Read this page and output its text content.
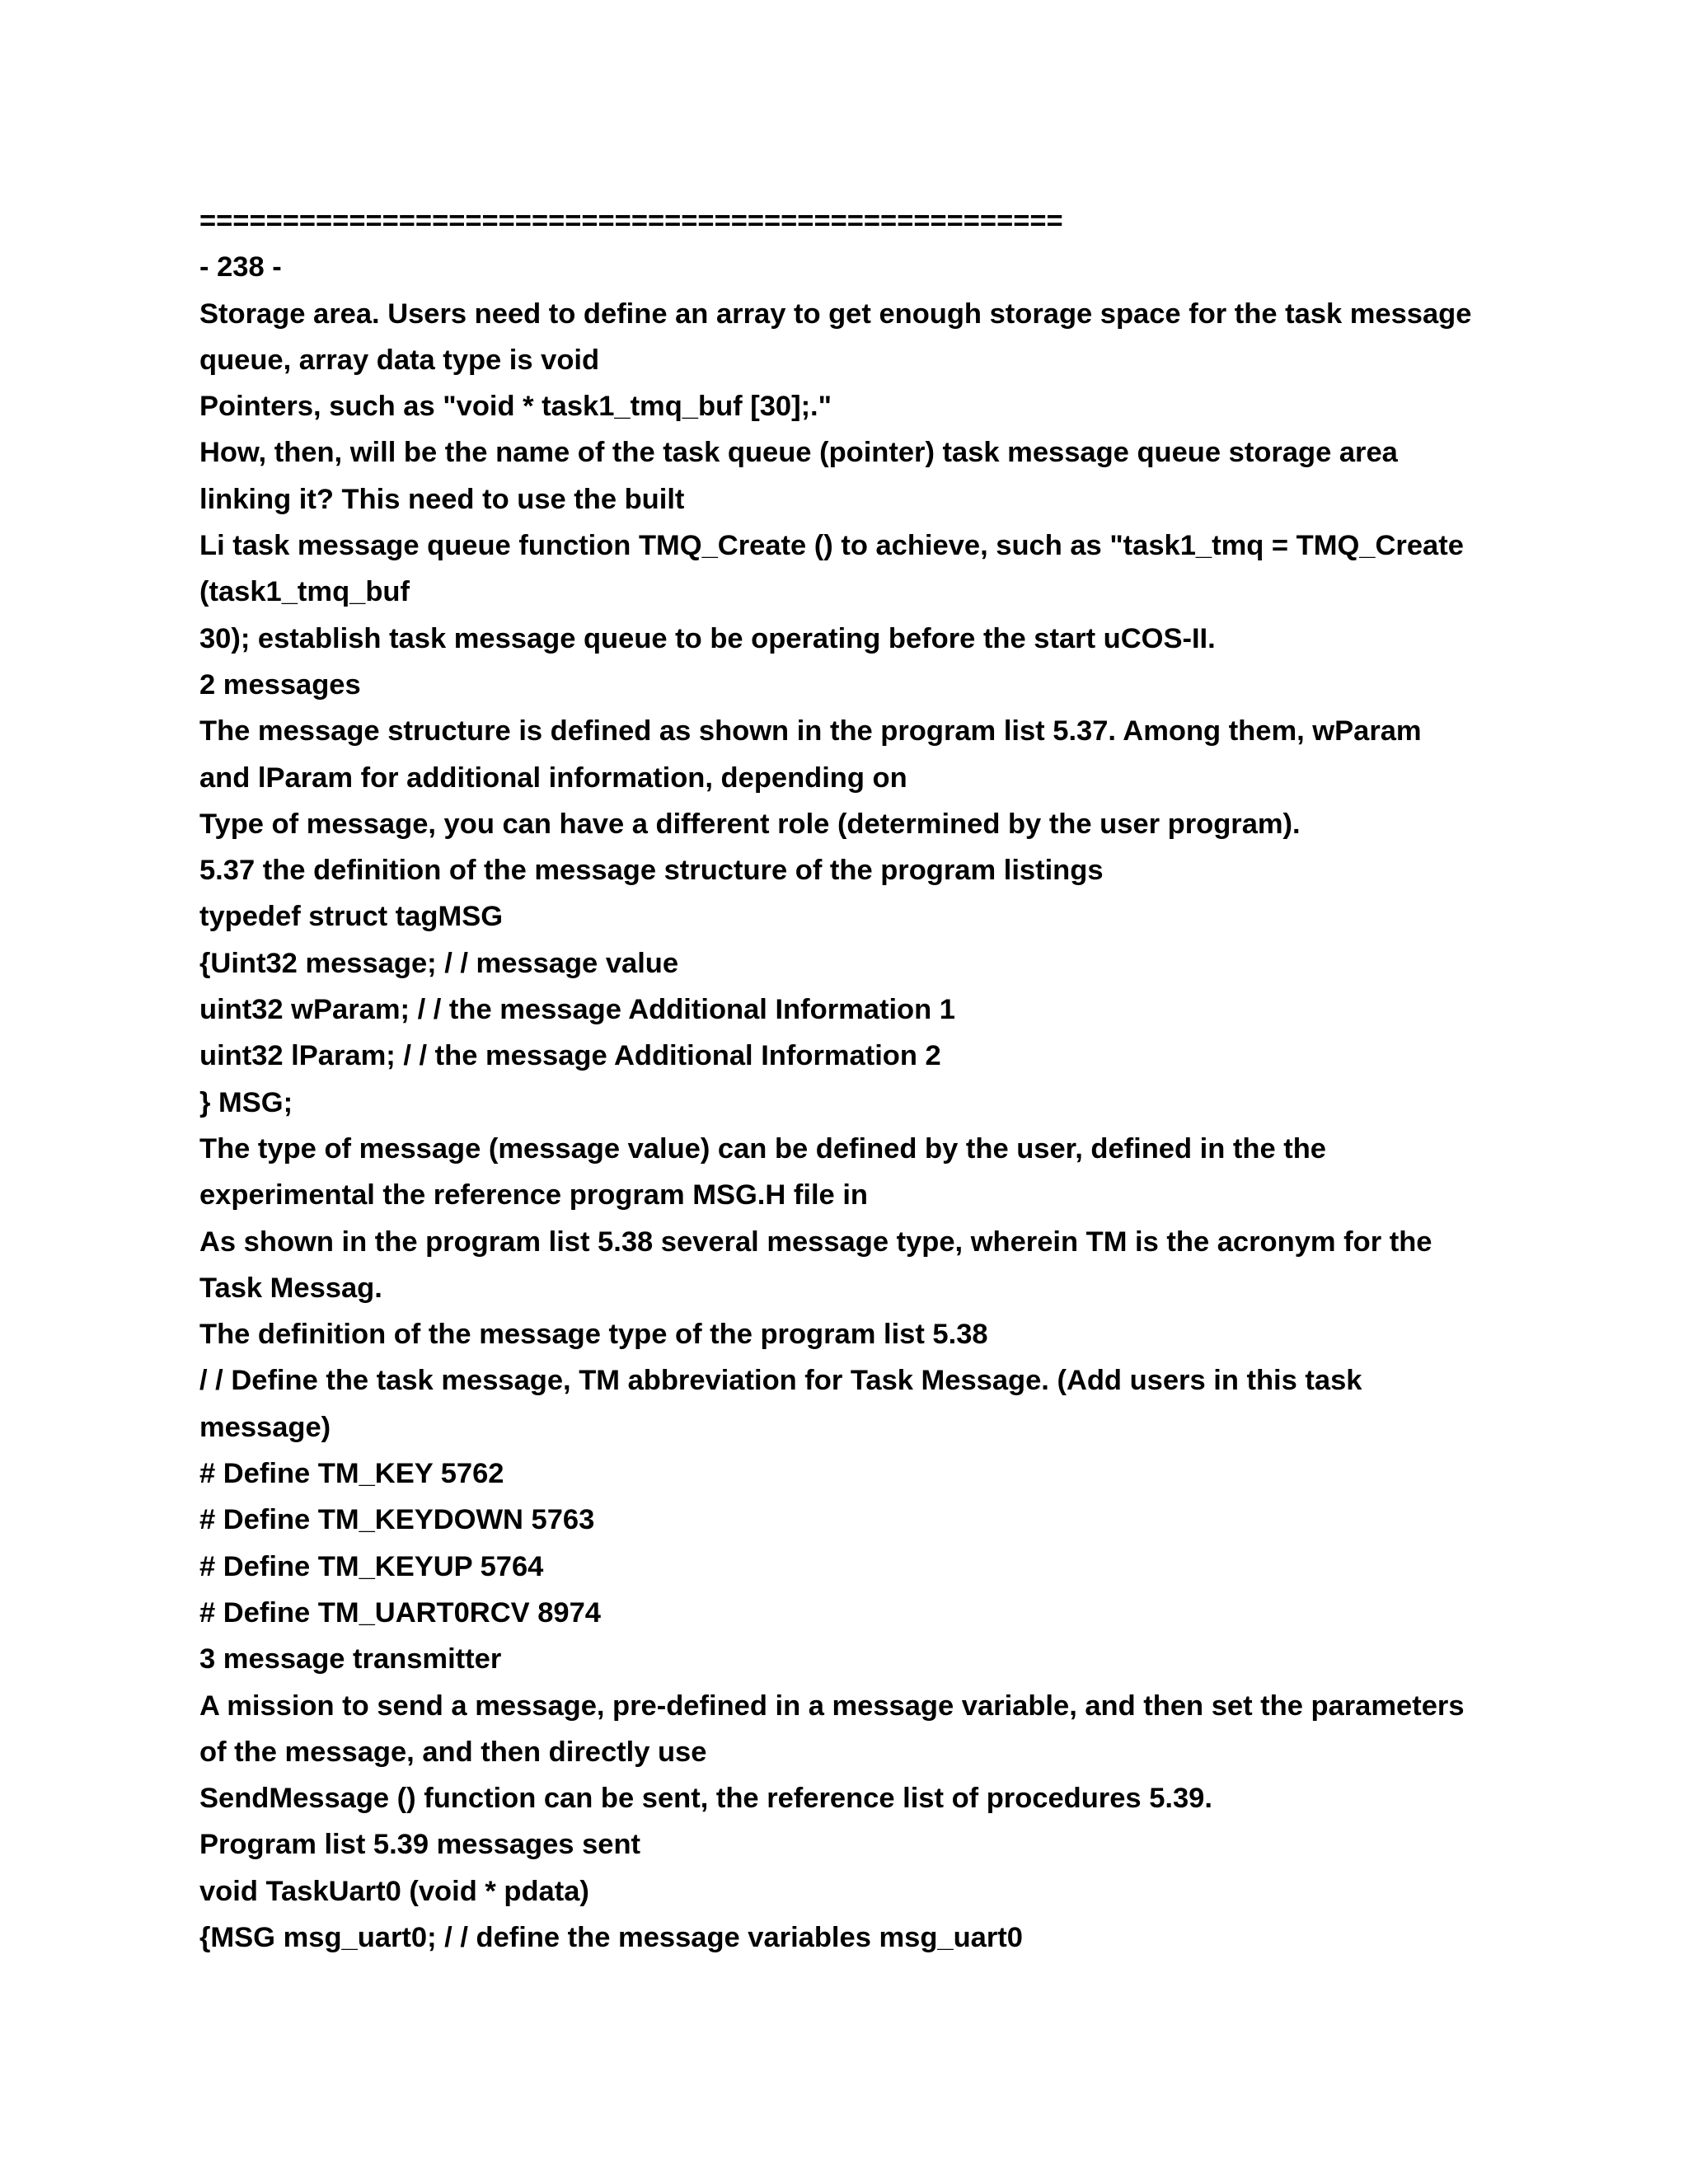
====================================================
- 238 -
Storage area. Users need to define an array to get enough storage space for the task message
queue, array data type is void
Pointers, such as "void * task1_tmq_buf [30];."
How, then, will be the name of the task queue (pointer) task message queue storage area
linking it? This need to use the built
Li task message queue function TMQ_Create () to achieve, such as "task1_tmq = TMQ_Create
(task1_tmq_buf
30); establish task message queue to be operating before the start uCOS-II.
2 messages
The message structure is defined as shown in the program list 5.37. Among them, wParam
and lParam for additional information, depending on
Type of message, you can have a different role (determined by the user program).
5.37 the definition of the message structure of the program listings
typedef struct tagMSG
{Uint32 message; / / message value
uint32 wParam; / / the message Additional Information 1
uint32 lParam; / / the message Additional Information 2
} MSG;
The type of message (message value) can be defined by the user, defined in the the
experimental the reference program MSG.H file in
As shown in the program list 5.38 several message type, wherein TM is the acronym for the
Task Messag.
The definition of the message type of the program list 5.38
/ / Define the task message, TM abbreviation for Task Message. (Add users in this task
message)
# Define TM_KEY 5762
# Define TM_KEYDOWN 5763
# Define TM_KEYUP 5764
# Define TM_UART0RCV 8974
3 message transmitter
A mission to send a message, pre-defined in a message variable, and then set the parameters
of the message, and then directly use
SendMessage () function can be sent, the reference list of procedures 5.39.
Program list 5.39 messages sent
void TaskUart0 (void * pdata)
{MSG msg_uart0; / / define the message variables msg_uart0
